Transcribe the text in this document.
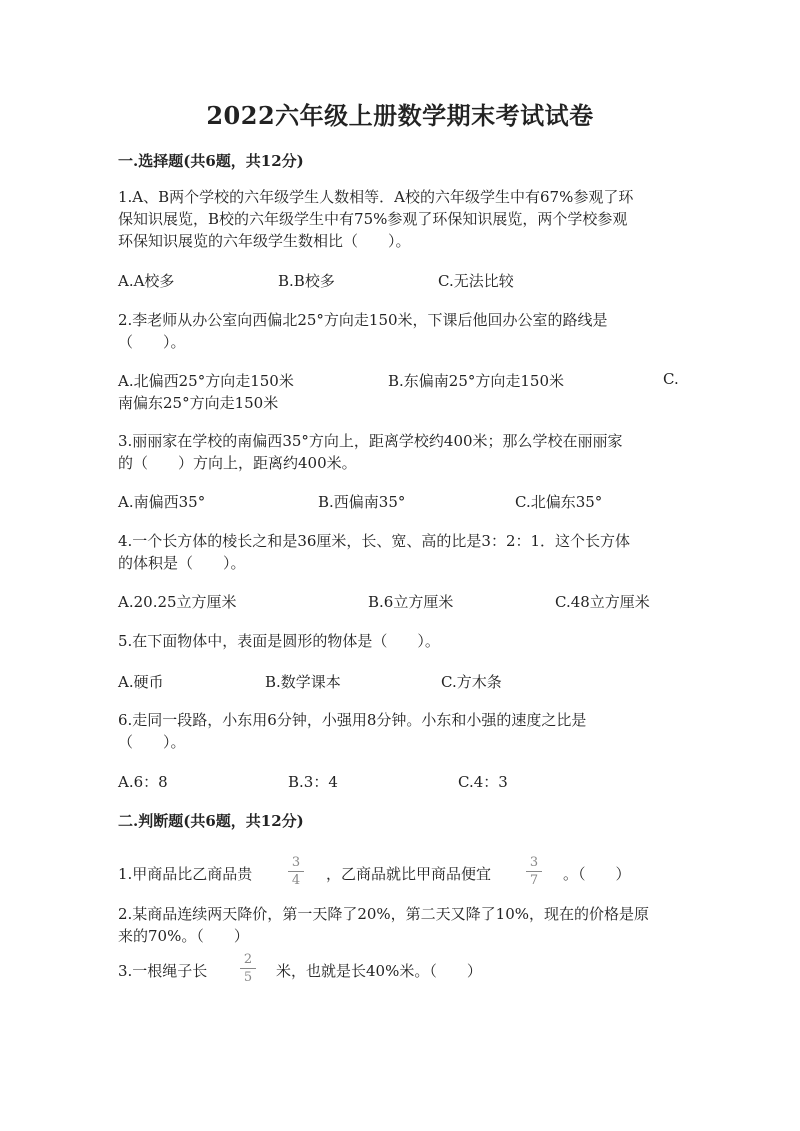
2022六年级上册数学期末考试试卷
一.选择题(共6题，共12分)
1.A、B两个学校的六年级学生人数相等．A校的六年级学生中有67%参观了环
保知识展览，B校的六年级学生中有75%参观了环保知识展览，两个学校参观
环保知识展览的六年级学生数相比（　　）。
A.A校多	B.B校多	C.无法比较
2.李老师从办公室向西偏北25°方向走150米，下课后他回办公室的路线是
（　　）。
A.北偏西25°方向走150米	B.东偏南25°方向走150米	C.
南偏东25°方向走150米
3.丽丽家在学校的南偏西35°方向上，距离学校约400米；那么学校在丽丽家
的（　　）方向上，距离约400米。
A.南偏西35°	B.西偏南35°	C.北偏东35°
4.一个长方体的棱长之和是36厘米，长、宽、高的比是3：2：1．这个长方体
的体积是（　　）。
A.20.25立方厘米	B.6立方厘米	C.48立方厘米
5.在下面物体中，表面是圆形的物体是（　　）。
A.硬币	B.数学课本	C.方木条
6.走同一段路，小东用6分钟，小强用8分钟。小东和小强的速度之比是
（　　）。
A.6：8	B.3：4	C.4：3
二.判断题(共6题，共12分)
1.甲商品比乙商品贵
3
4	，乙商品就比甲商品便宜
3
7	。（　　）
2.某商品连续两天降价，第一天降了20%，第二天又降了10%，现在的价格是原
来的70%。（　　）
3.一根绳子长
2
5	米，也就是长40%米。（　　）
